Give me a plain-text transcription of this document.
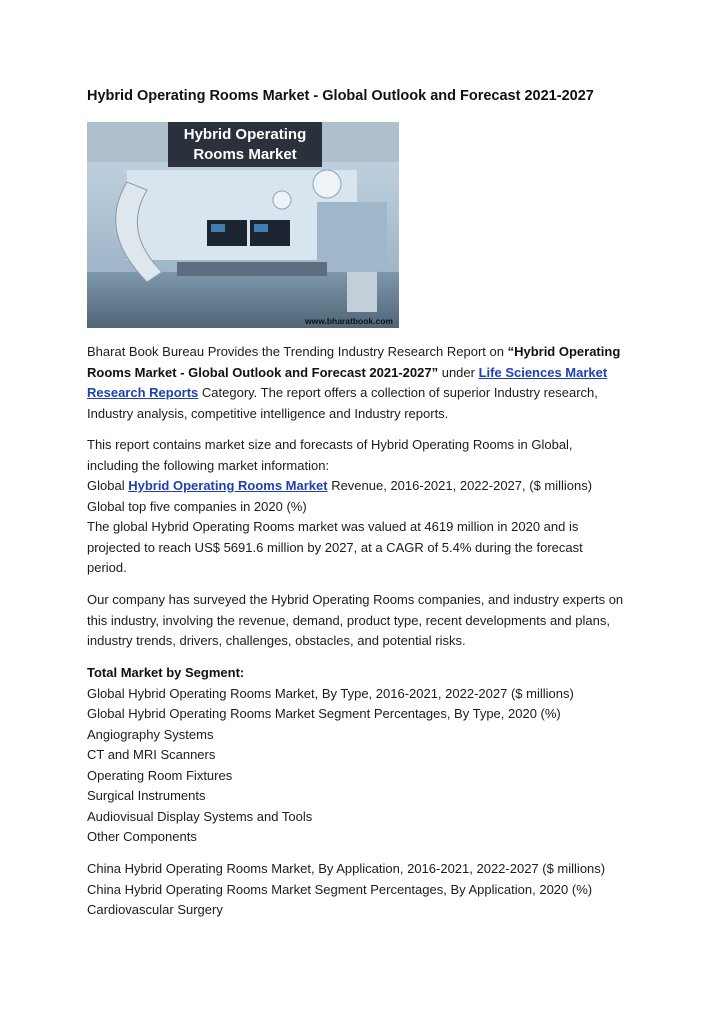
Hybrid Operating Rooms Market - Global Outlook and Forecast 2021-2027
Hybrid Operating Rooms Market
www.bharatbook.com

Bharat Book Bureau Provides the Trending Industry Research Report on “Hybrid Operating
Rooms Market - Global Outlook and Forecast 2021-2027” under Life Sciences Market
Research Reports Category. The report offers a collection of superior Industry research,
Industry analysis, competitive intelligence and Industry reports.

This report contains market size and forecasts of Hybrid Operating Rooms in Global,
including the following market information:
Global Hybrid Operating Rooms Market Revenue, 2016-2021, 2022-2027, ($ millions)
Global top five companies in 2020 (%)
The global Hybrid Operating Rooms market was valued at 4619 million in 2020 and is
projected to reach US$ 5691.6 million by 2027, at a CAGR of 5.4% during the forecast
period.

Our company has surveyed the Hybrid Operating Rooms companies, and industry experts on
this industry, involving the revenue, demand, product type, recent developments and plans,
industry trends, drivers, challenges, obstacles, and potential risks.

Total Market by Segment:
Global Hybrid Operating Rooms Market, By Type, 2016-2021, 2022-2027 ($ millions)
Global Hybrid Operating Rooms Market Segment Percentages, By Type, 2020 (%)
Angiography Systems
CT and MRI Scanners
Operating Room Fixtures
Surgical Instruments
Audiovisual Display Systems and Tools
Other Components

China Hybrid Operating Rooms Market, By Application, 2016-2021, 2022-2027 ($ millions)
China Hybrid Operating Rooms Market Segment Percentages, By Application, 2020 (%)
Cardiovascular Surgery
